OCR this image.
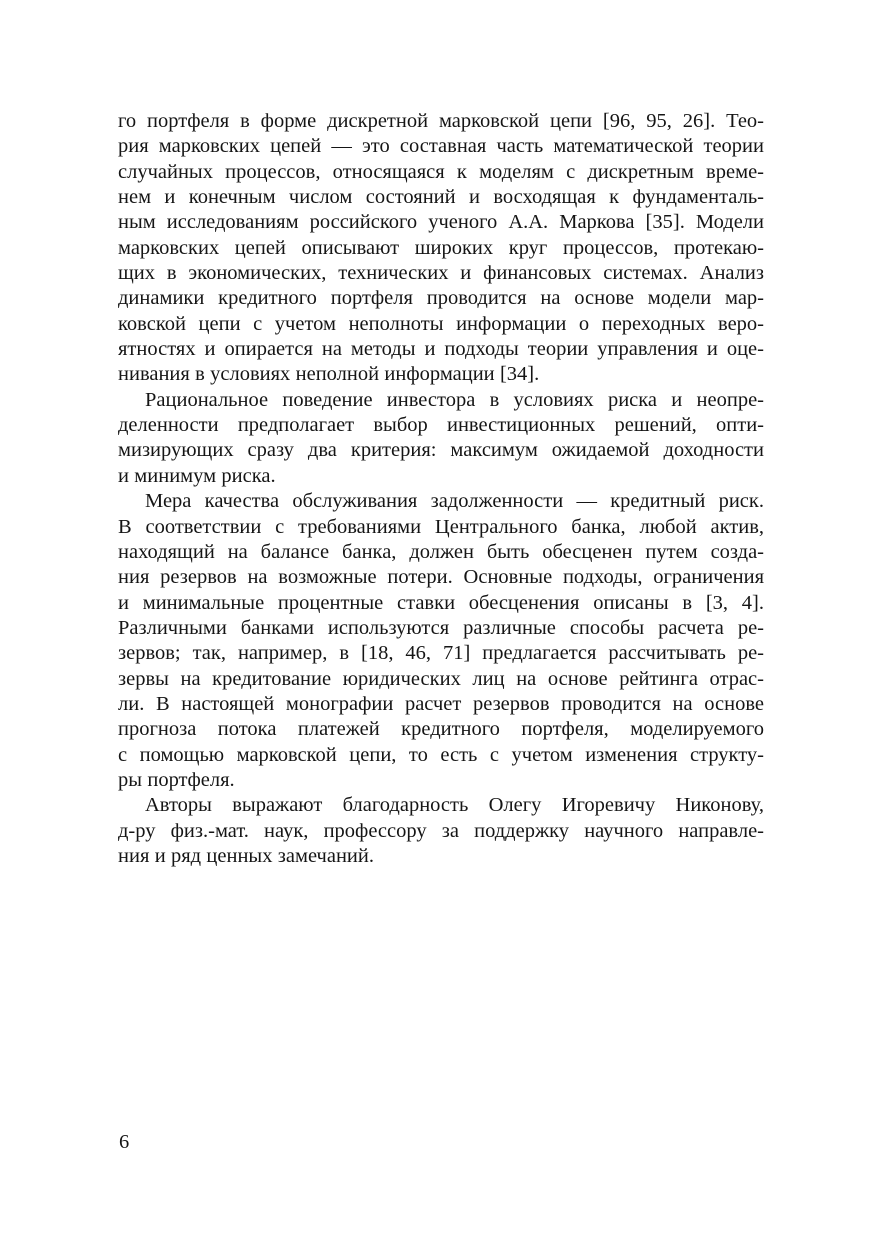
го портфеля в форме дискретной марковской цепи [96, 95, 26]. Тео-
рия марковских цепей — это составная часть математической теории
случайных процессов, относящаяся к моделям с дискретным време-
нем и конечным числом состояний и восходящая к фундаменталь-
ным исследованиям российского ученого А.А. Маркова [35]. Модели
марковских цепей описывают широких круг процессов, протекаю-
щих в экономических, технических и финансовых системах. Анализ
динамики кредитного портфеля проводится на основе модели мар-
ковской цепи с учетом неполноты информации о переходных веро-
ятностях и опирается на методы и подходы теории управления и оце-
нивания в условиях неполной информации [34].
Рациональное поведение инвестора в условиях риска и неопре-
деленности предполагает выбор инвестиционных решений, опти-
мизирующих сразу два критерия: максимум ожидаемой доходности
и минимум риска.
Мера качества обслуживания задолженности — кредитный риск.
В соответствии с требованиями Центрального банка, любой актив,
находящий на балансе банка, должен быть обесценен путем созда-
ния резервов на возможные потери. Основные подходы, ограничения
и минимальные процентные ставки обесценения описаны в [3, 4].
Различными банками используются различные способы расчета ре-
зервов; так, например, в [18, 46, 71] предлагается рассчитывать ре-
зервы на кредитование юридических лиц на основе рейтинга отрас-
ли. В настоящей монографии расчет резервов проводится на основе
прогноза потока платежей кредитного портфеля, моделируемого
с помощью марковской цепи, то есть с учетом изменения структу-
ры портфеля.
Авторы выражают благодарность Олегу Игоревичу Никонову,
д-ру физ.-мат. наук, профессору за поддержку научного направле-
ния и ряд ценных замечаний.
6
